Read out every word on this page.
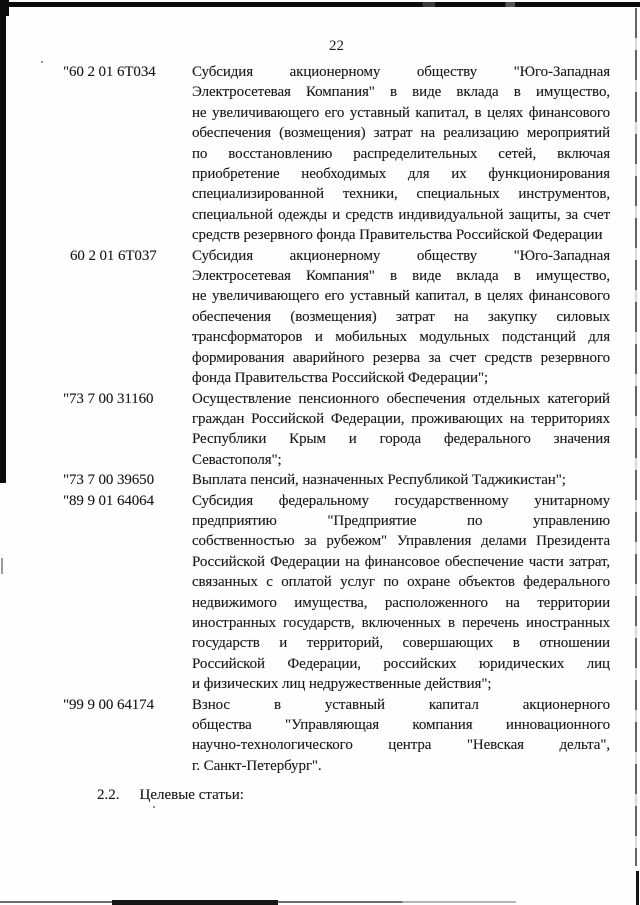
22
"60 2 01 6Т034	Субсидия акционерному обществу "Юго-Западная
Электросетевая Компания" в виде вклада в имущество,
не увеличивающего его уставный капитал, в целях финансового
обеспечения (возмещения) затрат на реализацию мероприятий
по восстановлению распределительных сетей, включая
приобретение необходимых для их функционирования
специализированной техники, специальных инструментов,
специальной одежды и средств индивидуальной защиты, за счет
средств резервного фонда Правительства Российской Федерации
60 2 01 6Т037	Субсидия акционерному обществу "Юго-Западная
Электросетевая Компания" в виде вклада в имущество,
не увеличивающего его уставный капитал, в целях финансового
обеспечения (возмещения) затрат на закупку силовых
трансформаторов и мобильных модульных подстанций для
формирования аварийного резерва за счет средств резервного
фонда Правительства Российской Федерации";
"73 7 00 31160	Осуществление пенсионного обеспечения отдельных категорий
граждан Российской Федерации, проживающих на территориях
Республики Крым и города федерального значения
Севастополя";
"73 7 00 39650	Выплата пенсий, назначенных Республикой Таджикистан";
"89 9 01 64064	Субсидия федеральному государственному унитарному
предприятию "Предприятие по управлению
собственностью за рубежом" Управления делами Президента
Российской Федерации на финансовое обеспечение части затрат,
связанных с оплатой услуг по охране объектов федерального
недвижимого имущества, расположенного на территории
иностранных государств, включенных в перечень иностранных
государств и территорий, совершающих в отношении
Российской Федерации, российских юридических лиц
и физических лиц недружественные действия";
"99 9 00 64174	Взнос в уставный капитал акционерного
общества "Управляющая компания инновационного
научно-технологического центра "Невская дельта",
г. Санкт-Петербург".
2.2. Целевые статьи:
